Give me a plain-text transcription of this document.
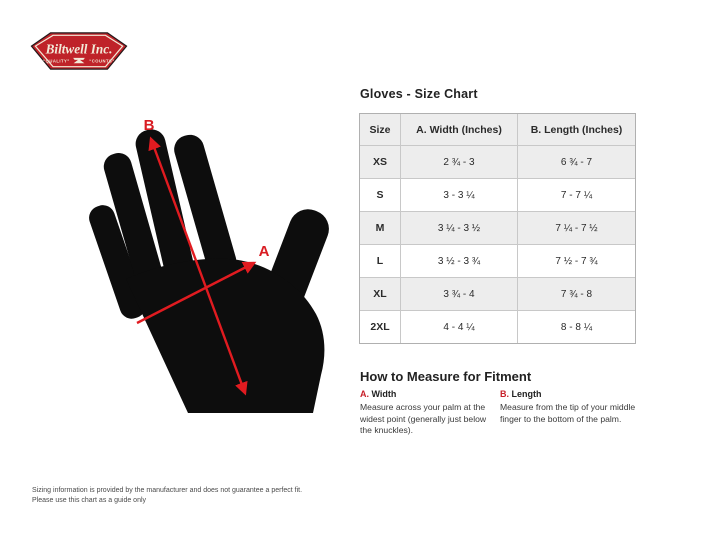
Biltwell Inc.
“QUALITY” “COUNTS”
B
A
Gloves - Size Chart
Size	A. Width (Inches)	B. Length (Inches)
XS	2 ¾ - 3	6 ¾ - 7
S	3 - 3 ¼	7 - 7 ¼
M	3 ¼ - 3 ½	7 ¼ - 7 ½
L	3 ½ - 3 ¾	7 ½ - 7 ¾
XL	3 ¾ - 4	7 ¾ - 8
2XL	4 - 4 ¼	8 - 8 ¼
How to Measure for Fitment
A. Width
Measure across your palm at the widest point (generally just below the knuckles).
B. Length
Measure from the tip of your middle finger to the bottom of the palm.
Sizing information is provided by the manufacturer and does not guarantee a perfect fit.
Please use this chart as a guide only
